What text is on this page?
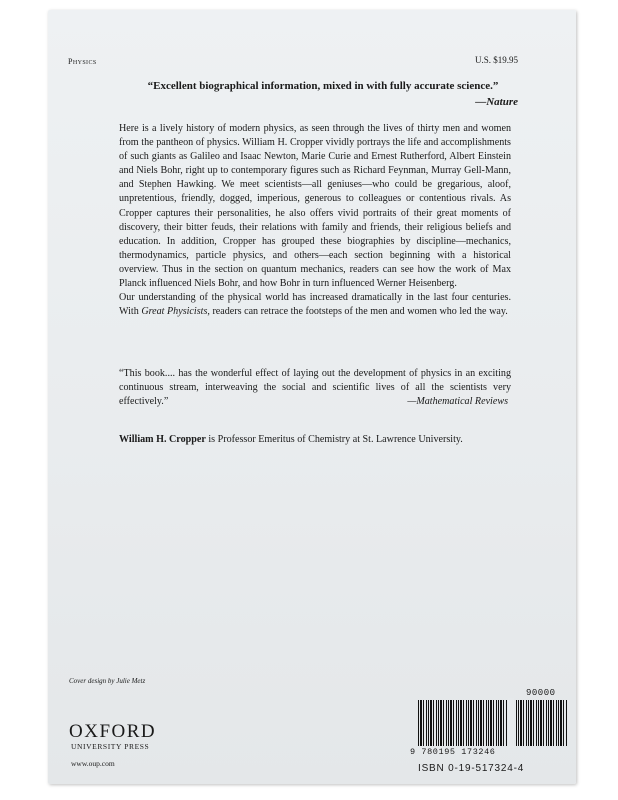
Physics	U.S. $19.95
“Excellent biographical information, mixed in with fully accurate science.”
—Nature

Here is a lively history of modern physics, as seen through the lives of thirty men and women from the pantheon of physics. William H. Cropper vividly portrays the life and accomplishments of such giants as Galileo and Isaac Newton, Marie Curie and Ernest Rutherford, Albert Einstein and Niels Bohr, right up to contemporary figures such as Richard Feynman, Murray Gell-Mann, and Stephen Hawking. We meet scientists—all geniuses—who could be gregarious, aloof, unpretentious, friendly, dogged, imperious, generous to colleagues or contentious rivals. As Cropper captures their personalities, he also offers vivid portraits of their great moments of discovery, their bitter feuds, their relations with family and friends, their religious beliefs and education. In addition, Cropper has grouped these biographies by discipline—mechanics, thermodynamics, particle physics, and others—each section beginning with a historical overview. Thus in the section on quantum mechanics, readers can see how the work of Max Planck influenced Niels Bohr, and how Bohr in turn influenced Werner Heisenberg.

Our understanding of the physical world has increased dramatically in the last four centuries. With Great Physicists, readers can retrace the footsteps of the men and women who led the way.

“This book.... has the wonderful effect of laying out the development of physics in an exciting continuous stream, interweaving the social and scientific lives of all the scientists very effectively.”	—Mathematical Reviews
William H. Cropper is Professor Emeritus of Chemistry at St. Lawrence University.
Cover design by Julie Metz
OXFORD
UNIVERSITY PRESS
www.oup.com
90000
9 780195 173246
ISBN 0-19-517324-4
